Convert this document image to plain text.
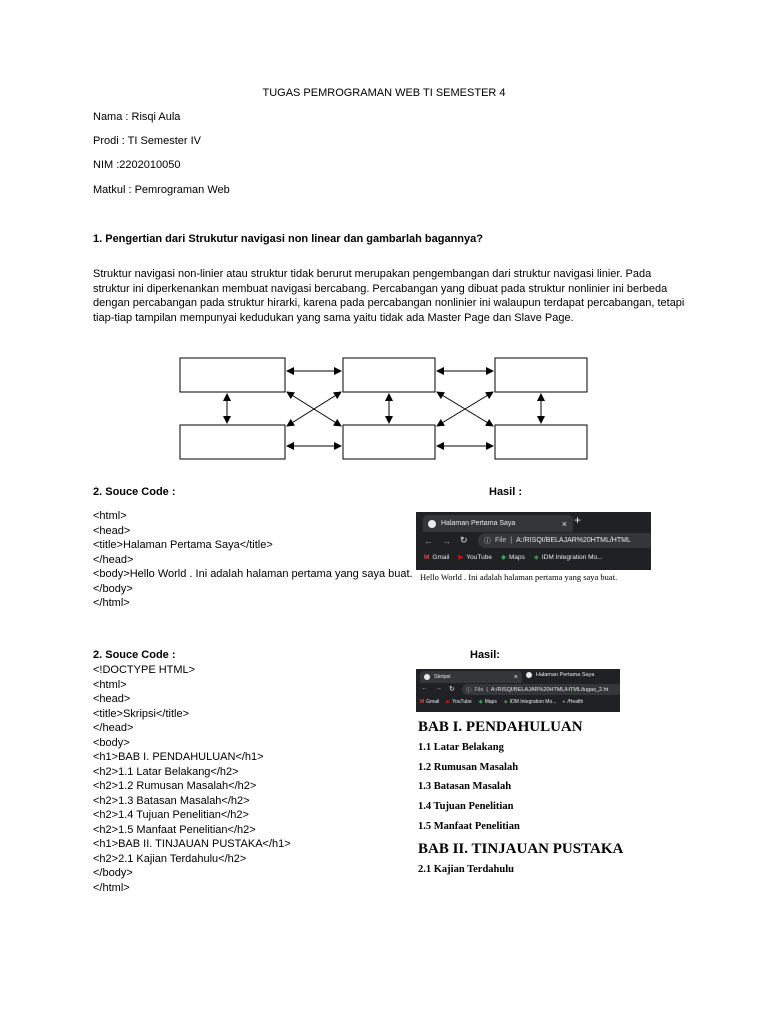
TUGAS PEMROGRAMAN WEB TI SEMESTER 4
Nama : Risqi Aula
Prodi : TI Semester IV
NIM :2202010050
Matkul : Pemrograman Web
1. Pengertian dari Strukutur navigasi non linear dan gambarlah bagannya?
Struktur navigasi non-linier atau struktur tidak berurut merupakan pengembangan dari struktur navigasi linier. Pada
struktur ini diperkenankan membuat navigasi bercabang. Percabangan yang dibuat pada struktur nonlinier ini berbeda
dengan percabangan pada struktur hirarki, karena pada percabangan nonlinier ini walaupun terdapat percabangan, tetapi
tiap-tiap tampilan mempunyai kedudukan yang sama yaitu tidak ada Master Page dan Slave Page.
2. Souce Code :	Hasil :
<html>
<head>
<title>Halaman Pertama Saya</title>
</head>
<body>Hello World . Ini adalah halaman pertama yang saya buat.
</body>
</html>
Halaman Pertama Saya	× +
← → ↻ ⓘ File | A:/RISQI/BELAJAR%20HTML/HTML
M Gmail ▶ YouTube ◆ Maps ◈ IDM Integration Mo...
Hello World . Ini adalah halaman pertama yang saya buat.
2. Souce Code :	Hasil:
<!DOCTYPE HTML>
<html>
<head>
<title>Skripsi</title>
</head>
<body>
<h1>BAB I. PENDAHULUAN</h1>
<h2>1.1 Latar Belakang</h2>
<h2>1.2 Rumusan Masalah</h2>
<h2>1.3 Batasan Masalah</h2>
<h2>1.4 Tujuan Penelitian</h2>
<h2>1.5 Manfaat Penelitian</h2>
<h1>BAB II. TINJAUAN PUSTAKA</h1>
<h2>2.1 Kajian Terdahulu</h2>
</body>
</html>
Skripsi	×	Halaman Pertama Saya
← → ↻ ⓘ File | A:/RISQI/BELAJAR%20HTML/HTML/tugas_2.ht
M Gmail ▶ YouTube ◆ Maps ◈ IDM Integration Mo... ● /Health
BAB I. PENDAHULUAN
1.1 Latar Belakang
1.2 Rumusan Masalah
1.3 Batasan Masalah
1.4 Tujuan Penelitian
1.5 Manfaat Penelitian
BAB II. TINJAUAN PUSTAKA
2.1 Kajian Terdahulu
